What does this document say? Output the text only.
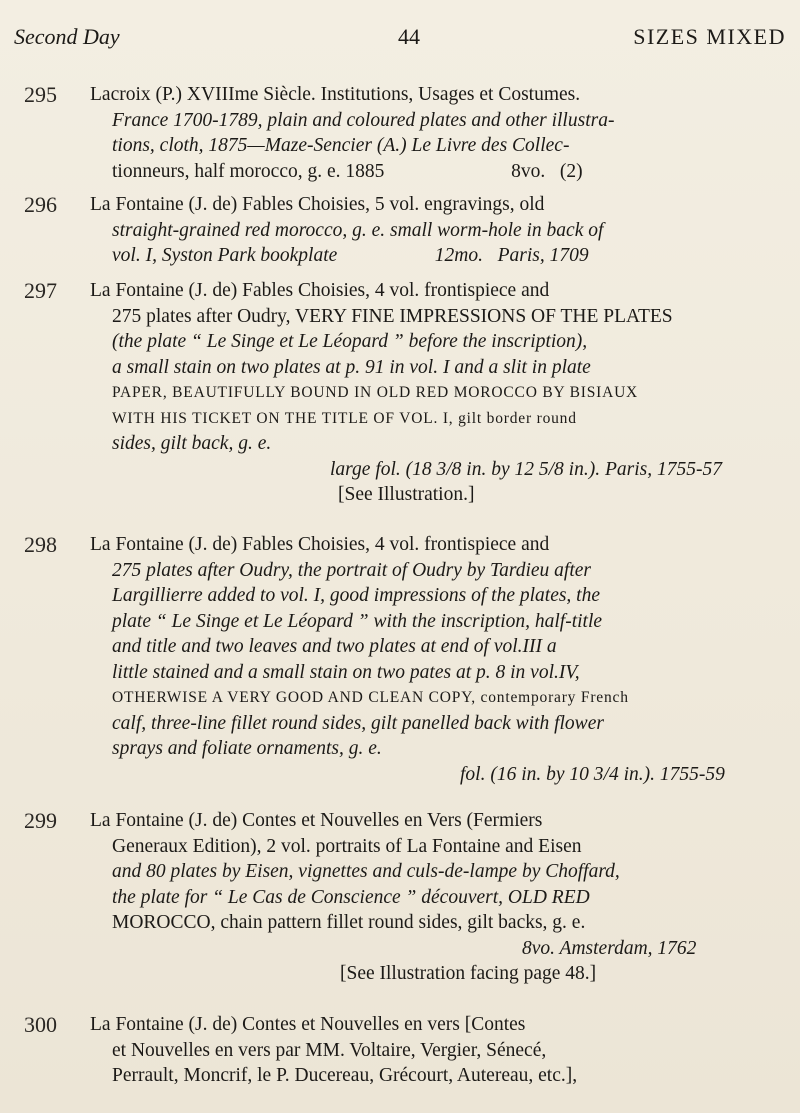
Second Day	44	SIZES MIXED
295 Lacroix (P.) XVIIIme Siècle. Institutions, Usages et Costumes.
France 1700-1789, plain and coloured plates and other illustra-
tions, cloth, 1875—Maze-Sencier (A.) Le Livre des Collec-
tionneurs, half morocco, g. e. 1885                          8vo.   (2)
296 La Fontaine (J. de) Fables Choisies, 5 vol. engravings, old
straight-grained red morocco, g. e. small worm-hole in back of
vol. I, Syston Park bookplate                    12mo.   Paris, 1709
297 La Fontaine (J. de) Fables Choisies, 4 vol. frontispiece and
275 plates after Oudry, VERY FINE IMPRESSIONS OF THE PLATES
(the plate “ Le Singe et Le Léopard ” before the inscription),
a small stain on two plates at p. 91 in vol. I and a slit in plate
PAPER, BEAUTIFULLY BOUND IN OLD RED MOROCCO BY BISIAUX
WITH HIS TICKET ON THE TITLE OF VOL. I, gilt border round
sides, gilt back, g. e.
large fol. (18 3/8 in. by 12 5/8 in.). Paris, 1755-57
[See Illustration.]
298 La Fontaine (J. de) Fables Choisies, 4 vol. frontispiece and
275 plates after Oudry, the portrait of Oudry by Tardieu after
Largillierre added to vol. I, good impressions of the plates, the
plate “ Le Singe et Le Léopard ” with the inscription, half-title
and title and two leaves and two plates at end of vol.III a
little stained and a small stain on two pates at p. 8 in vol.IV,
OTHERWISE A VERY GOOD AND CLEAN COPY, contemporary French
calf, three-line fillet round sides, gilt panelled back with flower
sprays and foliate ornaments, g. e.
fol. (16 in. by 10 3/4 in.). 1755-59
299 La Fontaine (J. de) Contes et Nouvelles en Vers (Fermiers
Generaux Edition), 2 vol. portraits of La Fontaine and Eisen
and 80 plates by Eisen, vignettes and culs-de-lampe by Choffard,
the plate for “ Le Cas de Conscience ” découvert, OLD RED
MOROCCO, chain pattern fillet round sides, gilt backs, g. e.
8vo. Amsterdam, 1762
[See Illustration facing page 48.]
300 La Fontaine (J. de) Contes et Nouvelles en vers [Contes
et Nouvelles en vers par MM. Voltaire, Vergier, Sénecé,
Perrault, Moncrif, le P. Ducereau, Grécourt, Autereau, etc.],
